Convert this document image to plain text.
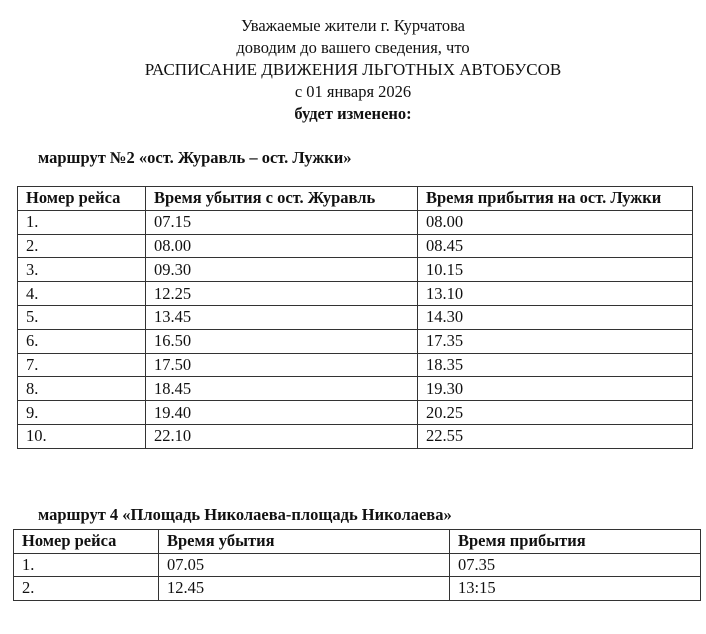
Уважаемые жители г. Курчатова
доводим до вашего сведения, что
РАСПИСАНИЕ ДВИЖЕНИЯ ЛЬГОТНЫХ АВТОБУСОВ
с 01 января 2026
будет изменено:
маршрут №2 «ост. Журавль – ост. Лужки»
Номер рейса	Время убытия с ост. Журавль	Время прибытия на ост. Лужки
1.	07.15	08.00
2.	08.00	08.45
3.	09.30	10.15
4.	12.25	13.10
5.	13.45	14.30
6.	16.50	17.35
7.	17.50	18.35
8.	18.45	19.30
9.	19.40	20.25
10.	22.10	22.55
маршрут 4 «Площадь Николаева-площадь Николаева»
Номер рейса	Время убытия	Время прибытия
1.	07.05	07.35
2.	12.45	13:15
